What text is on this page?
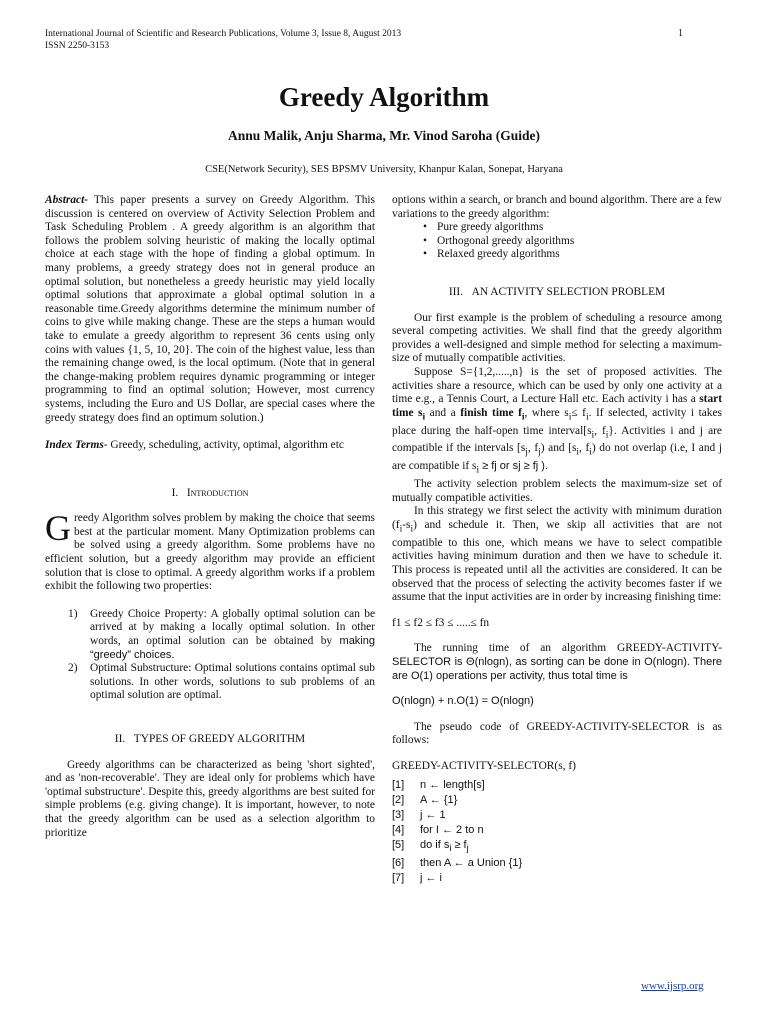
International Journal of Scientific and Research Publications, Volume 3, Issue 8, August 2013
ISSN 2250-3153
1
Greedy Algorithm
Annu Malik, Anju Sharma, Mr. Vinod Saroha (Guide)
CSE(Network Security), SES BPSMV University, Khanpur Kalan, Sonepat, Haryana

Abstract- This paper presents a survey on Greedy Algorithm. This discussion is centered on overview of Activity Selection Problem and Task Scheduling Problem . A greedy algorithm is an algorithm that follows the problem solving heuristic of making the locally optimal choice at each stage with the hope of finding a global optimum. In many problems, a greedy strategy does not in general produce an optimal solution, but nonetheless a greedy heuristic may yield locally optimal solutions that approximate a global optimal solution in a reasonable time.Greedy algorithms determine the minimum number of coins to give while making change. These are the steps a human would take to emulate a greedy algorithm to represent 36 cents using only coins with values {1, 5, 10, 20}. The coin of the highest value, less than the remaining change owed, is the local optimum. (Note that in general the change-making problem requires dynamic programming or integer programming to find an optimal solution; However, most currency systems, including the Euro and US Dollar, are special cases where the greedy strategy does find an optimum solution.)

Index Terms- Greedy, scheduling, activity, optimal, algorithm etc

I. Introduction

Greedy Algorithm solves problem by making the choice that seems best at the particular moment. Many Optimization problems can be solved using a greedy algorithm. Some problems have no efficient solution, but a greedy algorithm may provide an efficient solution that is close to optimal. A greedy algorithm works if a problem exhibit the following two properties:

1) Greedy Choice Property: A globally optimal solution can be arrived at by making a locally optimal solution. In other words, an optimal solution can be obtained by making “greedy” choices.
2) Optimal Substructure: Optimal solutions contains optimal sub solutions. In other words, solutions to sub problems of an optimal solution are optimal.
II. TYPES OF GREEDY ALGORITHM

Greedy algorithms can be characterized as being 'short sighted', and as 'non-recoverable'. They are ideal only for problems which have 'optimal substructure'. Despite this, greedy algorithms are best suited for simple problems (e.g. giving change). It is important, however, to note that the greedy algorithm can be used as a selection algorithm to prioritize

options within a search, or branch and bound algorithm. There are a few variations to the greedy algorithm:

• Pure greedy algorithms
• Orthogonal greedy algorithms
• Relaxed greedy algorithms
III. AN ACTIVITY SELECTION PROBLEM

Our first example is the problem of scheduling a resource among several competing activities. We shall find that the greedy algorithm provides a well-designed and simple method for selecting a maximum-size of mutually compatible activities.

Suppose S={1,2,.....,n} is the set of proposed activities. The activities share a resource, which can be used by only one activity at a time e.g., a Tennis Court, a Lecture Hall etc. Each activity i has a start time $s_i$ and a finish time $f_i$, where $s_i\le f_i$. If selected, activity i takes place during the half-open time $interval[s_i$, $f_i$}. Activities i and j are compatible if the intervals [$s_j$, $f_j$) and [$s_i$, $f_i$) do not overlap (i.e, I and j are compatible if $s_i$ ≥ fj or sj ≥ fj ).

The activity selection problem selects the maximum-size set of mutually compatible activities.

In this strategy we first select the activity with minimum duration $(f_i-s_i)$ and schedule it. Then, we skip all activities that are not compatible to this one, which means we have to select compatible activities having minimum duration and then we have to schedule it. This process is repeated until all the activities are considered. It can be observed that the process of selecting the activity becomes faster if we assume that the input activities are in order by increasing finishing time:

f1 ≤ f2 ≤ f3 ≤ .....≤ fn

The running time of an algorithm GREEDY-ACTIVITY- SELECTOR is Θ(nlogn), as sorting can be done in O(nlogn). There are O(1) operations per activity, thus total time is

O(nlogn) + n.O(1) = O(nlogn)

The pseudo code of GREEDY-ACTIVITY-SELECTOR is as follows:

GREEDY-ACTIVITY-SELECTOR(s, f)
[1] n ← length[s]
[2] A ← {1}
[3] j ← 1
[4] for I ← 2 to n
[5] do if $s_i \ge f_j$
[6] then A ← a Union {1}
[7] j ← i
www.ijsrp.org
